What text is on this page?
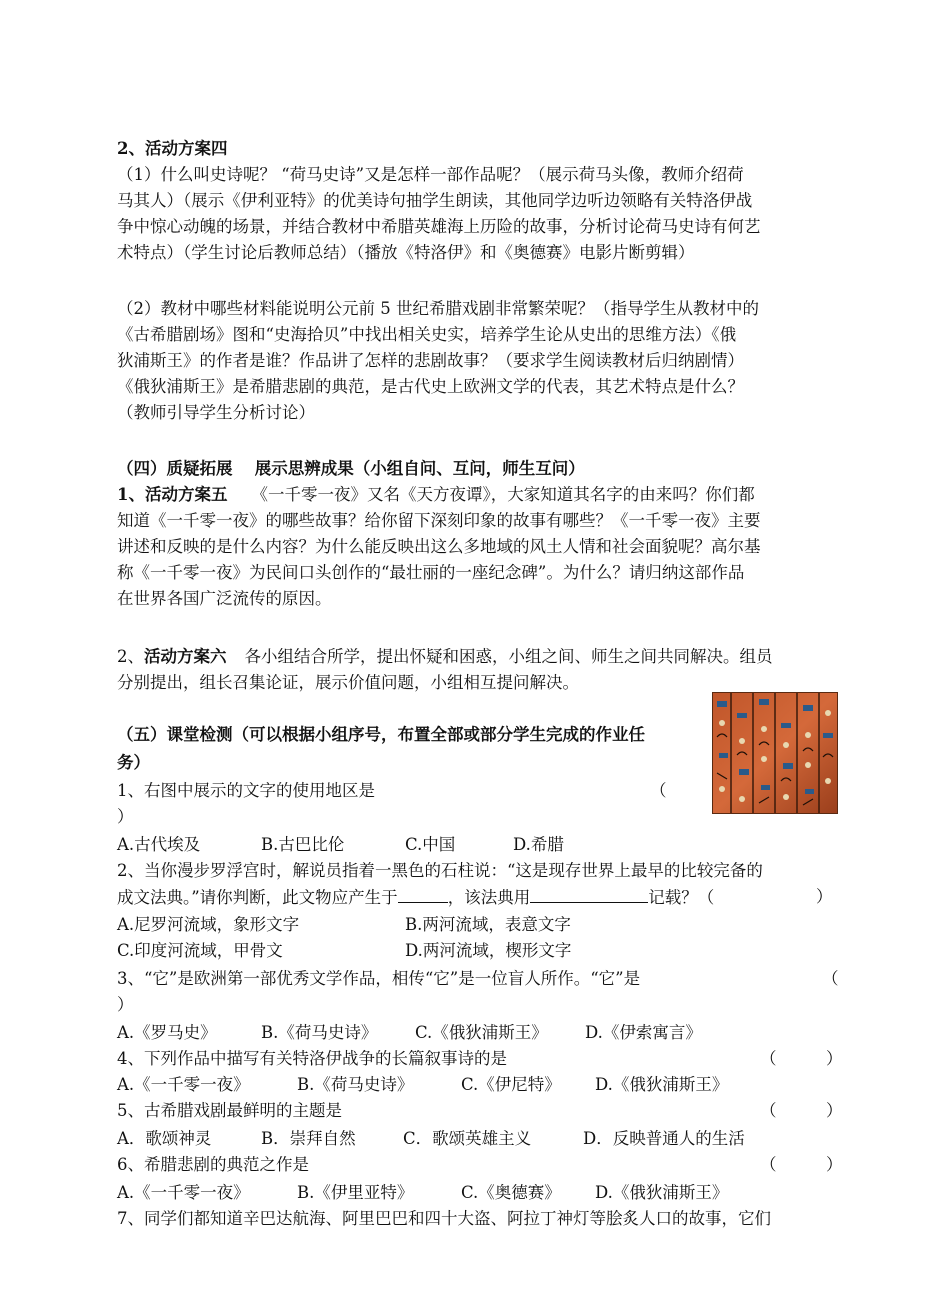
2、活动方案四
（1）什么叫史诗呢？ “荷马史诗”又是怎样一部作品呢？（展示荷马头像，教师介绍荷
马其人）（展示《伊利亚特》的优美诗句抽学生朗读，其他同学边听边领略有关特洛伊战
争中惊心动魄的场景，并结合教材中希腊英雄海上历险的故事，分析讨论荷马史诗有何艺
术特点）（学生讨论后教师总结）（播放《特洛伊》和《奥德赛》电影片断剪辑）
（2）教材中哪些材料能说明公元前 5 世纪希腊戏剧非常繁荣呢？（指导学生从教材中的
《古希腊剧场》图和“史海拾贝”中找出相关史实，培养学生论从史出的思维方法）《俄
狄浦斯王》的作者是谁？作品讲了怎样的悲剧故事？（要求学生阅读教材后归纳剧情）
《俄狄浦斯王》是希腊悲剧的典范，是古代史上欧洲文学的代表，其艺术特点是什么？
（教师引导学生分析讨论）
（四）质疑拓展　 展示思辨成果（小组自问、互问，师生互问）
1、活动方案五 《一千零一夜》又名《天方夜谭》，大家知道其名字的由来吗？你们都
知道《一千零一夜》的哪些故事？给你留下深刻印象的故事有哪些？《一千零一夜》主要
讲述和反映的是什么内容？为什么能反映出这么多地域的风土人情和社会面貌呢？高尔基
称《一千零一夜》为民间口头创作的“最壮丽的一座纪念碑”。为什么？请归纳这部作品
在世界各国广泛流传的原因。
2、活动方案六 各小组结合所学，提出怀疑和困惑，小组之间、师生之间共同解决。组员
分别提出，组长召集论证，展示价值问题，小组相互提问解决。
（五）课堂检测（可以根据小组序号，布置全部或部分学生完成的作业任
务）
1、右图中展示的文字的使用地区是	（
）
A.古代埃及	B.古巴比伦	C.中国	D.希腊
2、当你漫步罗浮宫时，解说员指着一黑色的石柱说：“这是现存世界上最早的比较完备的
成文法典。”请你判断，此文物应产生于	，该法典用	记载？（	）
A.尼罗河流域，象形文字	B.两河流域，表意文字
C.印度河流域，甲骨文	D.两河流域，楔形文字
3、“它”是欧洲第一部优秀文学作品，相传“它”是一位盲人所作。“它”是	（
）
A.《罗马史》	B.《荷马史诗》 C.《俄狄浦斯王》 D.《伊索寓言》
4、下列作品中描写有关特洛伊战争的长篇叙事诗的是	（　　　）
A.《一千零一夜》	B.《荷马史诗》	C.《伊尼特》 D.《俄狄浦斯王》
5、古希腊戏剧最鲜明的主题是	（　　　）
A．歌颂神灵	B．崇拜自然	C．歌颂英雄主义	D．反映普通人的生活
6、希腊悲剧的典范之作是	（　　　）
A.《一千零一夜》	B.《伊里亚特》	C.《奥德赛》 D.《俄狄浦斯王》
7、同学们都知道辛巴达航海、阿里巴巴和四十大盗、阿拉丁神灯等脍炙人口的故事，它们
